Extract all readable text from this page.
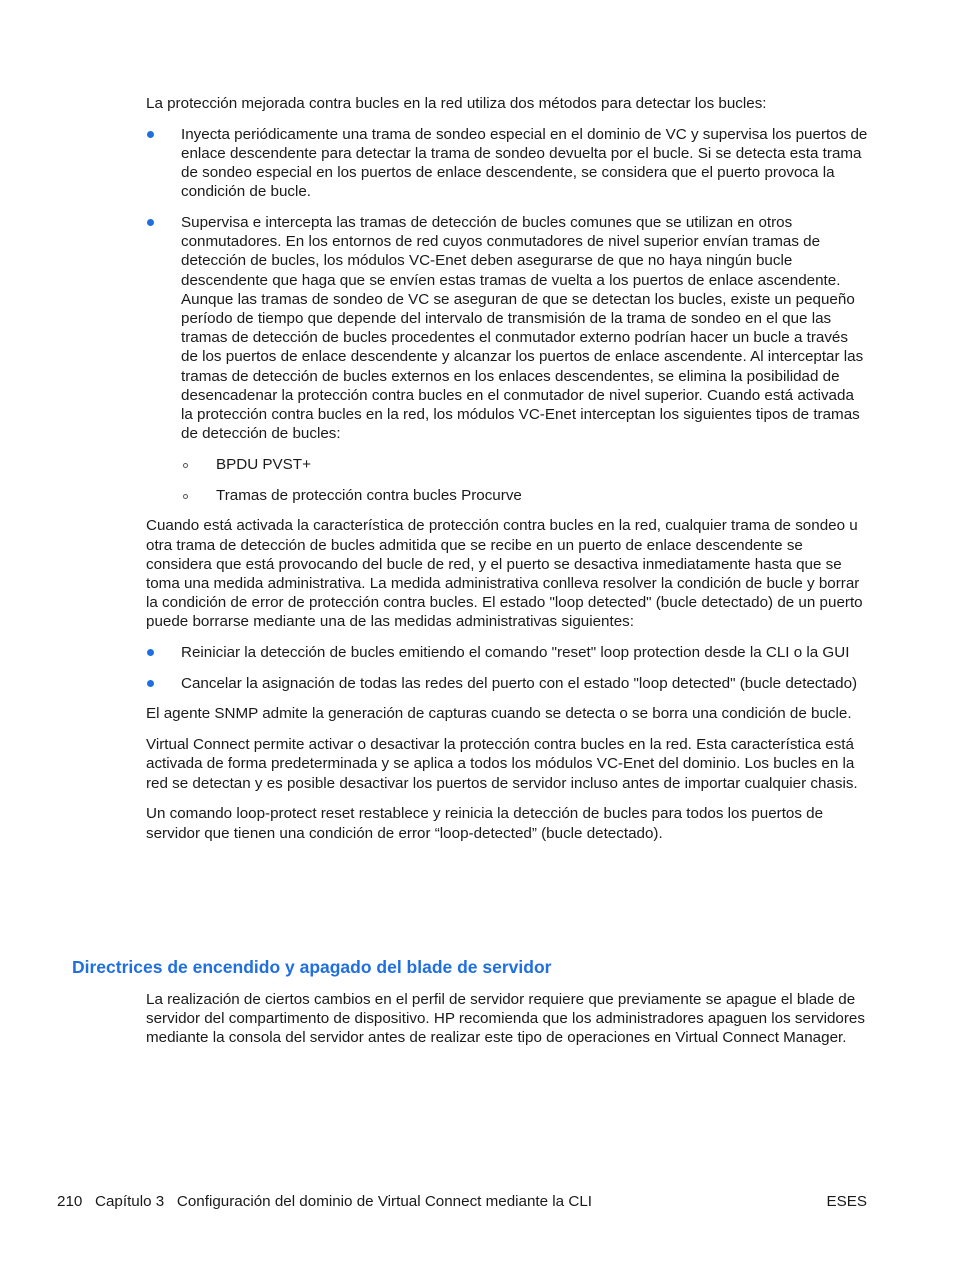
La protección mejorada contra bucles en la red utiliza dos métodos para detectar los bucles:

Inyecta periódicamente una trama de sondeo especial en el dominio de VC y supervisa los puertos de enlace descendente para detectar la trama de sondeo devuelta por el bucle. Si se detecta esta trama de sondeo especial en los puertos de enlace descendente, se considera que el puerto provoca la condición de bucle.
Supervisa e intercepta las tramas de detección de bucles comunes que se utilizan en otros conmutadores. En los entornos de red cuyos conmutadores de nivel superior envían tramas de detección de bucles, los módulos VC-Enet deben asegurarse de que no haya ningún bucle descendente que haga que se envíen estas tramas de vuelta a los puertos de enlace ascendente. Aunque las tramas de sondeo de VC se aseguran de que se detectan los bucles, existe un pequeño período de tiempo que depende del intervalo de transmisión de la trama de sondeo en el que las tramas de detección de bucles procedentes el conmutador externo podrían hacer un bucle a través de los puertos de enlace descendente y alcanzar los puertos de enlace ascendente. Al interceptar las tramas de detección de bucles externos en los enlaces descendentes, se elimina la posibilidad de desencadenar la protección contra bucles en el conmutador de nivel superior. Cuando está activada la protección contra bucles en la red, los módulos VC-Enet interceptan los siguientes tipos de tramas de detección de bucles:
BPDU PVST+
Tramas de protección contra bucles Procurve

Cuando está activada la característica de protección contra bucles en la red, cualquier trama de sondeo u otra trama de detección de bucles admitida que se recibe en un puerto de enlace descendente se considera que está provocando del bucle de red, y el puerto se desactiva inmediatamente hasta que se toma una medida administrativa. La medida administrativa conlleva resolver la condición de bucle y borrar la condición de error de protección contra bucles. El estado "loop detected" (bucle detectado) de un puerto puede borrarse mediante una de las medidas administrativas siguientes:

Reiniciar la detección de bucles emitiendo el comando "reset" loop protection desde la CLI o la GUI
Cancelar la asignación de todas las redes del puerto con el estado "loop detected" (bucle detectado)

El agente SNMP admite la generación de capturas cuando se detecta o se borra una condición de bucle.

Virtual Connect permite activar o desactivar la protección contra bucles en la red. Esta característica está activada de forma predeterminada y se aplica a todos los módulos VC-Enet del dominio. Los bucles en la red se detectan y es posible desactivar los puertos de servidor incluso antes de importar cualquier chasis.

Un comando loop-protect reset restablece y reinicia la detección de bucles para todos los puertos de servidor que tienen una condición de error “loop-detected” (bucle detectado).

Directrices de encendido y apagado del blade de servidor

La realización de ciertos cambios en el perfil de servidor requiere que previamente se apague el blade de servidor del compartimento de dispositivo. HP recomienda que los administradores apaguen los servidores mediante la consola del servidor antes de realizar este tipo de operaciones en Virtual Connect Manager.

210   Capítulo 3   Configuración del dominio de Virtual Connect mediante la CLI	ESES
